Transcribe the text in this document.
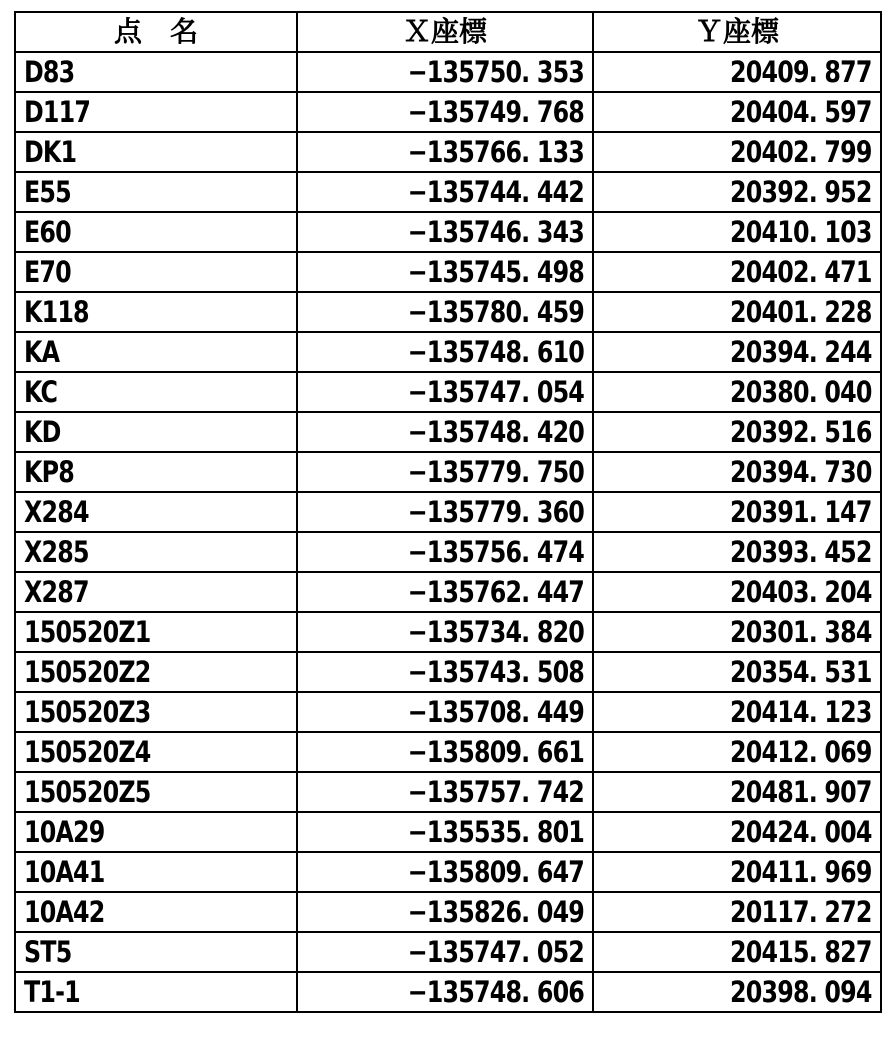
点　名	Ｘ座標	Ｙ座標
D83	−135750. 353	20409. 877
D117	−135749. 768	20404. 597
DK1	−135766. 133	20402. 799
E55	−135744. 442	20392. 952
E60	−135746. 343	20410. 103
E70	−135745. 498	20402. 471
K118	−135780. 459	20401. 228
KA	−135748. 610	20394. 244
KC	−135747. 054	20380. 040
KD	−135748. 420	20392. 516
KP8	−135779. 750	20394. 730
X284	−135779. 360	20391. 147
X285	−135756. 474	20393. 452
X287	−135762. 447	20403. 204
150520Z1	−135734. 820	20301. 384
150520Z2	−135743. 508	20354. 531
150520Z3	−135708. 449	20414. 123
150520Z4	−135809. 661	20412. 069
150520Z5	−135757. 742	20481. 907
10A29	−135535. 801	20424. 004
10A41	−135809. 647	20411. 969
10A42	−135826. 049	20117. 272
ST5	−135747. 052	20415. 827
T1-1	−135748. 606	20398. 094
